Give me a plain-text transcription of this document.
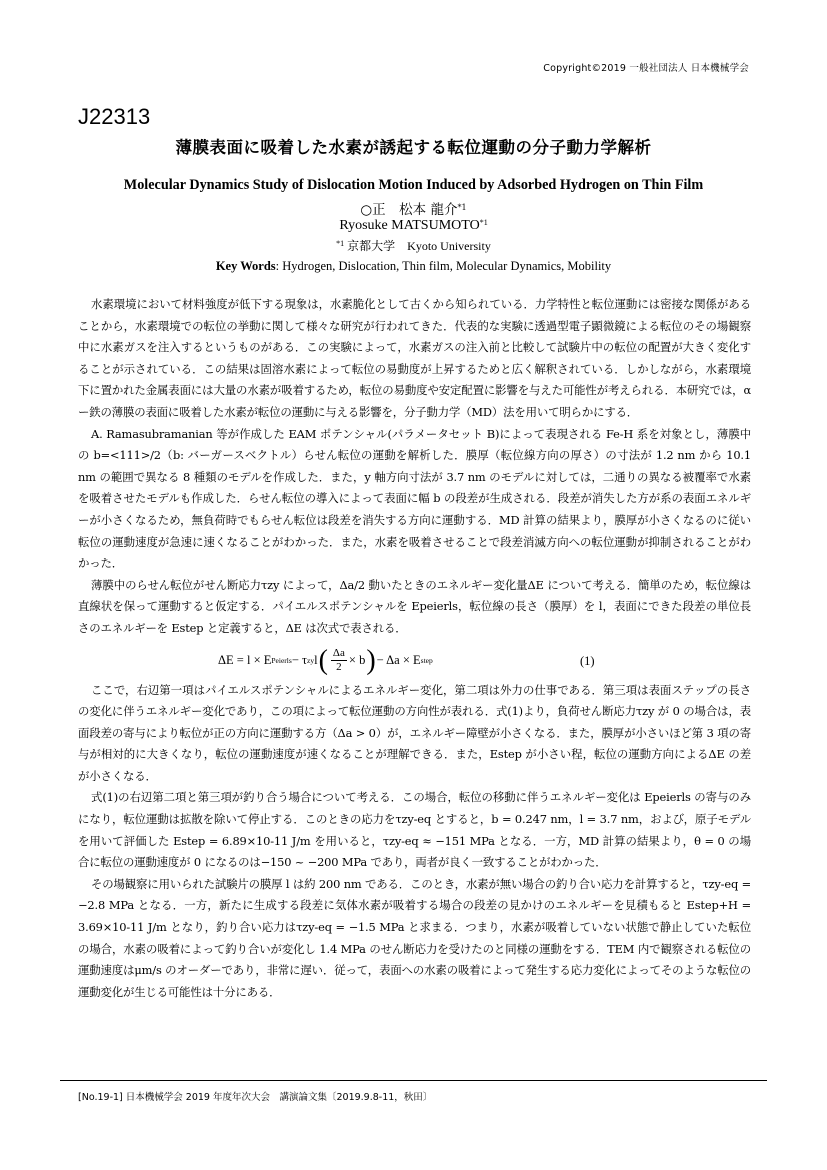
Copyright©2019 一般社団法人 日本機械学会
J22313
薄膜表面に吸着した水素が誘起する転位運動の分子動力学解析
Molecular Dynamics Study of Dislocation Motion Induced by Adsorbed Hydrogen on Thin Film
○正　松本 龍介$^{*1}$
Ryosuke MATSUMOTO$^{*1}$
$^{*1}$ 京都大学　Kyoto University
Key Words: Hydrogen, Dislocation, Thin film, Molecular Dynamics, Mobility

水素環境において材料強度が低下する現象は，水素脆化として古くから知られている．力学特性と転位運動には密接な関係があることから，水素環境での転位の挙動に関して様々な研究が行われてきた．代表的な実験に透過型電子顕微鏡による転位のその場観察中に水素ガスを注入するというものがある．この実験によって，水素ガスの注入前と比較して試験片中の転位の配置が大きく変化することが示されている．この結果は固溶水素によって転位の易動度が上昇するためと広く解釈されている．しかしながら，水素環境下に置かれた金属表面には大量の水素が吸着するため，転位の易動度や安定配置に影響を与えた可能性が考えられる．本研究では，αー鉄の薄膜の表面に吸着した水素が転位の運動に与える影響を，分子動力学（MD）法を用いて明らかにする．

A. Ramasubramanian 等が作成した EAM ポテンシャル(パラメータセット B)によって表現される Fe-H 系を対象とし，薄膜中の b=<111>/2（b: バーガースベクトル）らせん転位の運動を解析した．膜厚（転位線方向の厚さ）の寸法が 1.2 nm から 10.1 nm の範囲で異なる 8 種類のモデルを作成した．また，y 軸方向寸法が 3.7 nm のモデルに対しては，二通りの異なる被覆率で水素を吸着させたモデルも作成した．らせん転位の導入によって表面に幅 b の段差が生成される．段差が消失した方が系の表面エネルギーが小さくなるため，無負荷時でもらせん転位は段差を消失する方向に運動する．MD 計算の結果より，膜厚が小さくなるのに従い転位の運動速度が急速に速くなることがわかった．また，水素を吸着させることで段差消滅方向への転位運動が抑制されることがわかった．

薄膜中のらせん転位がせん断応力τzy によって，Δa/2 動いたときのエネルギー変化量ΔE について考える．簡単のため，転位線は直線状を保って運動すると仮定する．パイエルスポテンシャルを Epeierls，転位線の長さ（膜厚）を l，表面にできた段差の単位長さのエネルギーを Estep と定義すると，ΔE は次式で表される．

ΔE = l × E Peierls − τ zy l ( $\frac{\Delta a}{2} \times b$ ) − Δa × E step	(1)

ここで，右辺第一項はパイエルスポテンシャルによるエネルギー変化，第二項は外力の仕事である．第三項は表面ステップの長さの変化に伴うエネルギー変化であり，この項によって転位運動の方向性が表れる．式(1)より，負荷せん断応力τzy が 0 の場合は，表面段差の寄与により転位が正の方向に運動する方（Δa > 0）が，エネルギー障壁が小さくなる．また，膜厚が小さいほど第 3 項の寄与が相対的に大きくなり，転位の運動速度が速くなることが理解できる．また，Estep が小さい程，転位の運動方向によるΔE の差が小さくなる．

式(1)の右辺第二項と第三項が釣り合う場合について考える．この場合，転位の移動に伴うエネルギー変化は Epeierls の寄与のみになり，転位運動は拡散を除いて停止する．このときの応力をτzy-eq とすると，b = 0.247 nm，l = 3.7 nm，および，原子モデルを用いて評価した Estep = 6.89×10-11 J/m を用いると，τzy-eq ≈ −151 MPa となる．一方，MD 計算の結果より，θ = 0 の場合に転位の運動速度が 0 になるのは−150 ~ −200 MPa であり，両者が良く一致することがわかった．

その場観察に用いられた試験片の膜厚 l は約 200 nm である．このとき，水素が無い場合の釣り合い応力を計算すると，τzy-eq = −2.8 MPa となる．一方，新たに生成する段差に気体水素が吸着する場合の段差の見かけのエネルギーを見積もると Estep+H = 3.69×10-11 J/m となり，釣り合い応力はτzy-eq = −1.5 MPa と求まる．つまり，水素が吸着していない状態で静止していた転位の場合，水素の吸着によって釣り合いが変化し 1.4 MPa のせん断応力を受けたのと同様の運動をする．TEM 内で観察される転位の運動速度はμm/s のオーダーであり，非常に遅い．従って，表面への水素の吸着によって発生する応力変化によってそのような転位の運動変化が生じる可能性は十分にある．

[No.19-1] 日本機械学会 2019 年度年次大会　講演論文集〔2019.9.8-11，秋田〕
